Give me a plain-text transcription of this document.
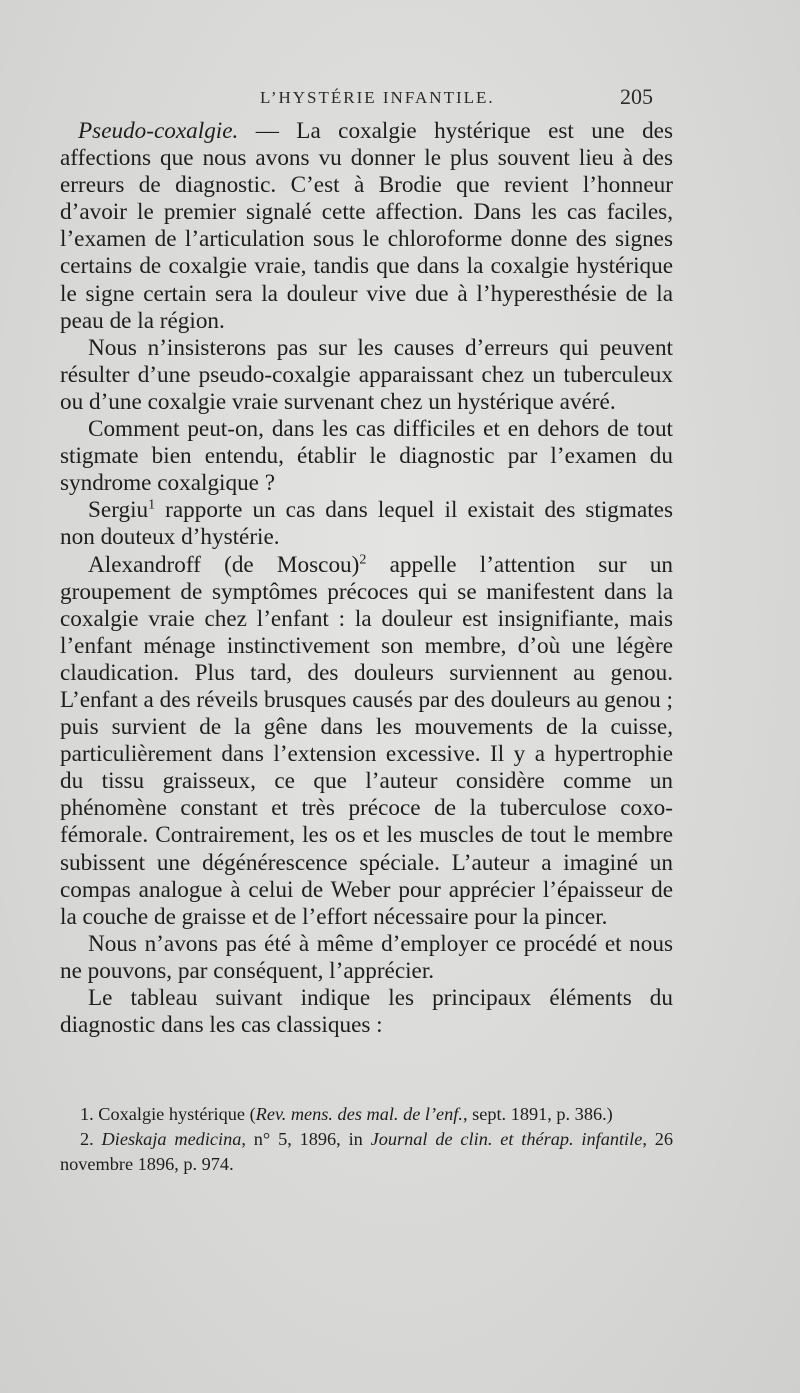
L’HYSTÉRIE INFANTILE.	205

Pseudo-coxalgie. — La coxalgie hystérique est une des affections que nous avons vu donner le plus souvent lieu à des erreurs de diagnostic. C’est à Brodie que revient l’honneur d’avoir le premier signalé cette affection. Dans les cas faciles, l’examen de l’articulation sous le chloroforme donne des signes certains de coxalgie vraie, tandis que dans la coxalgie hystérique le signe certain sera la douleur vive due à l’hyperesthésie de la peau de la région.

Nous n’insisterons pas sur les causes d’erreurs qui peuvent résulter d’une pseudo-coxalgie apparaissant chez un tuberculeux ou d’une coxalgie vraie survenant chez un hystérique avéré.

Comment peut-on, dans les cas difficiles et en dehors de tout stigmate bien entendu, établir le diagnostic par l’examen du syndrome coxalgique ?

Sergiu$^1$ rapporte un cas dans lequel il existait des stigmates non douteux d’hystérie.

Alexandroff (de Moscou)$^2$ appelle l’attention sur un groupement de symptômes précoces qui se manifestent dans la coxalgie vraie chez l’enfant : la douleur est insignifiante, mais l’enfant ménage instinctivement son membre, d’où une légère claudication. Plus tard, des douleurs surviennent au genou. L’enfant a des réveils brusques causés par des douleurs au genou ; puis survient de la gêne dans les mouvements de la cuisse, particulièrement dans l’extension excessive. Il y a hypertrophie du tissu graisseux, ce que l’auteur considère comme un phénomène constant et très précoce de la tuberculose coxo-fémorale. Contrairement, les os et les muscles de tout le membre subissent une dégénérescence spéciale. L’auteur a imaginé un compas analogue à celui de Weber pour apprécier l’épaisseur de la couche de graisse et de l’effort nécessaire pour la pincer.

Nous n’avons pas été à même d’employer ce procédé et nous ne pouvons, par conséquent, l’apprécier.

Le tableau suivant indique les principaux éléments du diagnostic dans les cas classiques :

1. Coxalgie hystérique (Rev. mens. des mal. de l’enf., sept. 1891, p. 386.)

2. Dieskaja medicina, n° 5, 1896, in Journal de clin. et thérap. infantile, 26 novembre 1896, p. 974.
